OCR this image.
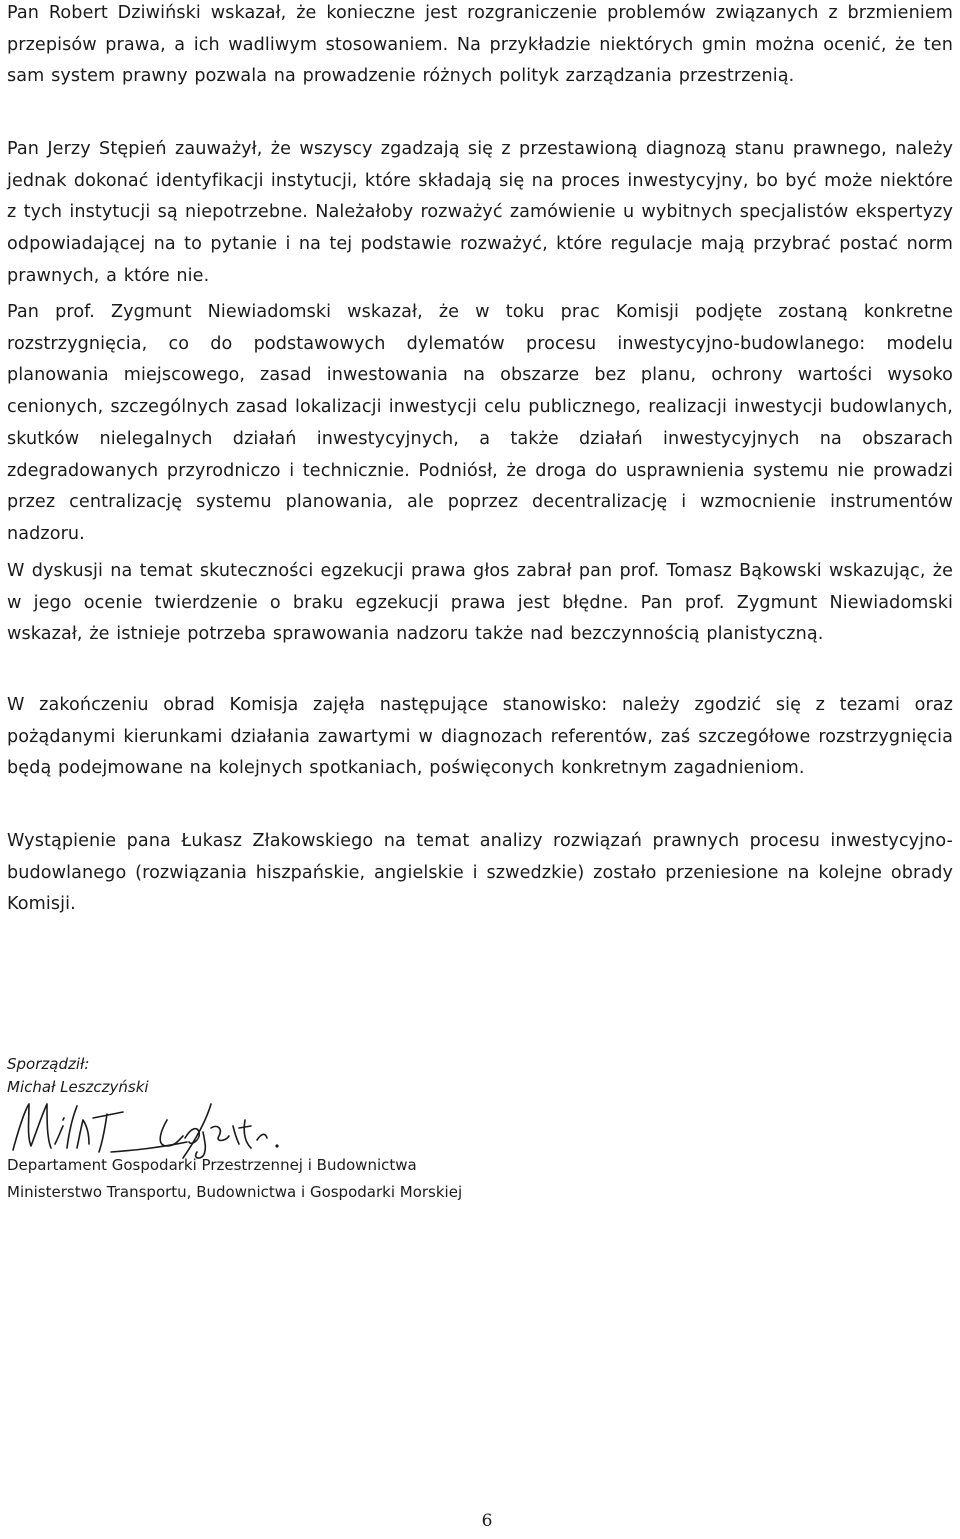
Pan Robert Dziwiński wskazał, że konieczne jest rozgraniczenie problemów związanych z brzmieniem przepisów prawa, a ich wadliwym stosowaniem. Na przykładzie niektórych gmin można ocenić, że ten sam system prawny pozwala na prowadzenie różnych polityk zarządzania przestrzenią.

Pan Jerzy Stępień zauważył, że wszyscy zgadzają się z przestawioną diagnozą stanu prawnego, należy jednak dokonać identyfikacji instytucji, które składają się na proces inwestycyjny, bo być może niektóre z tych instytucji są niepotrzebne. Należałoby rozważyć zamówienie u wybitnych specjalistów ekspertyzy odpowiadającej na to pytanie i na tej podstawie rozważyć, które regulacje mają przybrać postać norm prawnych, a które nie.

Pan prof. Zygmunt Niewiadomski wskazał, że w toku prac Komisji podjęte zostaną konkretne rozstrzygnięcia, co do podstawowych dylematów procesu inwestycyjno-budowlanego: modelu planowania miejscowego, zasad inwestowania na obszarze bez planu, ochrony wartości wysoko cenionych, szczególnych zasad lokalizacji inwestycji celu publicznego, realizacji inwestycji budowlanych, skutków nielegalnych działań inwestycyjnych, a także działań inwestycyjnych na obszarach zdegradowanych przyrodniczo i technicznie. Podniósł, że droga do usprawnienia systemu nie prowadzi przez centralizację systemu planowania, ale poprzez decentralizację i wzmocnienie instrumentów nadzoru.

W dyskusji na temat skuteczności egzekucji prawa głos zabrał pan prof. Tomasz Bąkowski wskazując, że w jego ocenie twierdzenie o braku egzekucji prawa jest błędne. Pan prof. Zygmunt Niewiadomski wskazał, że istnieje potrzeba sprawowania nadzoru także nad bezczynnością planistyczną.

W zakończeniu obrad Komisja zajęła następujące stanowisko: należy zgodzić się z tezami oraz pożądanymi kierunkami działania zawartymi w diagnozach referentów, zaś szczegółowe rozstrzygnięcia będą podejmowane na kolejnych spotkaniach, poświęconych konkretnym zagadnieniom.

Wystąpienie pana Łukasz Złakowskiego na temat analizy rozwiązań prawnych procesu inwestycyjno-budowlanego (rozwiązania hiszpańskie, angielskie i szwedzkie) zostało przeniesione na kolejne obrady Komisji.

Sporządził:
Michał Leszczyński
Departament Gospodarki Przestrzennej i Budownictwa
Ministerstwo Transportu, Budownictwa i Gospodarki Morskiej
6
